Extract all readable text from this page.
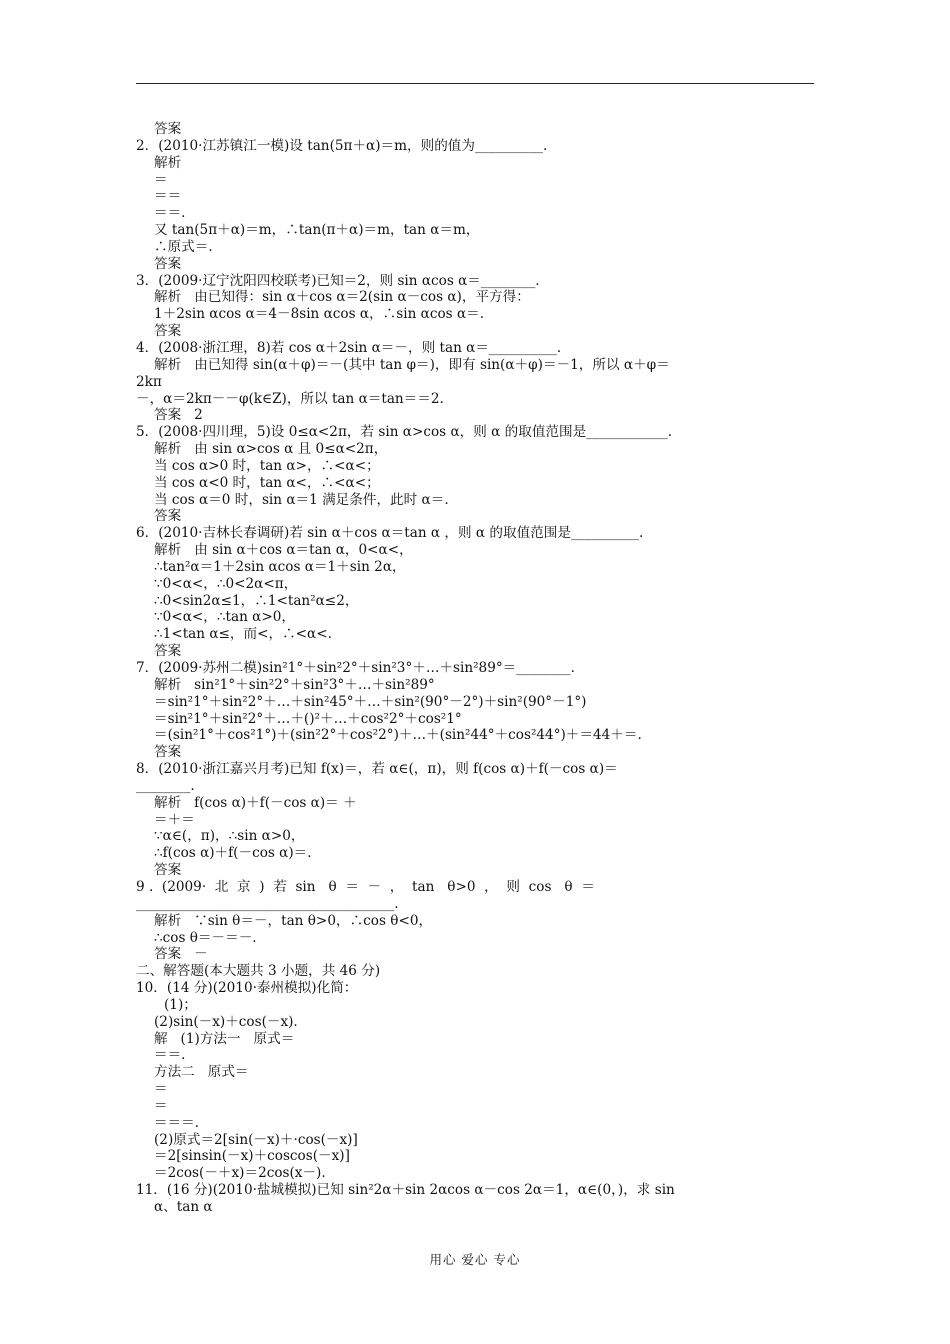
答案
2．(2010·江苏镇江一模)设 tan(5π＋α)＝m，则的值为__________.
解析
＝
＝＝
＝＝.
又 tan(5π＋α)＝m，∴tan(π＋α)＝m，tan α＝m，
∴原式＝.
答案
3．(2009·辽宁沈阳四校联考)已知＝2，则 sin αcos α＝________.
解析   由已知得：sin α＋cos α＝2(sin α－cos α)，平方得：
1＋2sin αcos α＝4－8sin αcos α，∴sin αcos α＝.
答案
4．(2008·浙江理，8)若 cos α＋2sin α＝－，则 tan α＝__________.
解析   由已知得 sin(α＋φ)＝－(其中 tan φ＝)，即有 sin(α＋φ)＝－1，所以 α＋φ＝
2kπ
－，α＝2kπ－－φ(k∈Z)，所以 tan α＝tan＝＝2.
答案   2
5．(2008·四川理，5)设 0≤α<2π，若 sin α>cos α，则 α 的取值范围是____________.
解析   由 sin α>cos α 且 0≤α<2π，
当 cos α>0 时，tan α>，∴<α<；
当 cos α<0 时，tan α<，∴<α<；
当 cos α＝0 时，sin α＝1 满足条件，此时 α＝.
答案
6．(2010·吉林长春调研)若 sin α＋cos α＝tan α ，则 α 的取值范围是__________.
解析   由 sin α＋cos α＝tan α，0<α<，
∴tan²α＝1＋2sin αcos α＝1＋sin 2α，
∵0<α<，∴0<2α<π，
∴0<sin2α≤1，∴1<tan²α≤2，
∵0<α<，∴tan α>0，
∴1<tan α≤，而<，∴<α<.
答案
7．(2009·苏州二模)sin²1°＋sin²2°＋sin²3°＋…＋sin²89°＝________.
解析   sin²1°＋sin²2°＋sin²3°＋…＋sin²89°
＝sin²1°＋sin²2°＋…＋sin²45°＋…＋sin²(90°－2°)＋sin²(90°－1°)
＝sin²1°＋sin²2°＋…＋()²＋…＋cos²2°＋cos²1°
＝(sin²1°＋cos²1°)＋(sin²2°＋cos²2°)＋…＋(sin²44°＋cos²44°)＋＝44＋＝.
答案
8．(2010·浙江嘉兴月考)已知 f(x)＝，若 α∈(，π)，则 f(cos α)＋f(－cos α)＝
________.
解析   f(cos α)＋f(－cos α)＝ ＋
＝＋＝
∵α∈(，π)，∴sin α>0，
∴f(cos α)＋f(－cos α)＝.
答案
9 .  (2009·  北  京  )  若  sin   θ  ＝  －  ，  tan   θ>0  ，  则  cos   θ  ＝
______________________________________.
解析   ∵sin θ＝－，tan θ>0，∴cos θ<0，
∴cos θ＝－＝－.
答案   －
二、解答题(本大题共 3 小题，共 46 分)
10．(14 分)(2010·泰州模拟)化简：
(1)；
(2)sin(－x)＋cos(－x).
解   (1)方法一   原式＝
＝＝.
方法二   原式＝
＝
＝
＝＝＝.
(2)原式＝2[sin(－x)＋·cos(－x)]
＝2[sinsin(－x)＋coscos(－x)]
＝2cos(－＋x)＝2cos(x－).
11．(16 分)(2010·盐城模拟)已知 sin²2α＋sin 2αcos α－cos 2α＝1，α∈(0，)，求 sin
α、tan α
用心 爱心 专心
